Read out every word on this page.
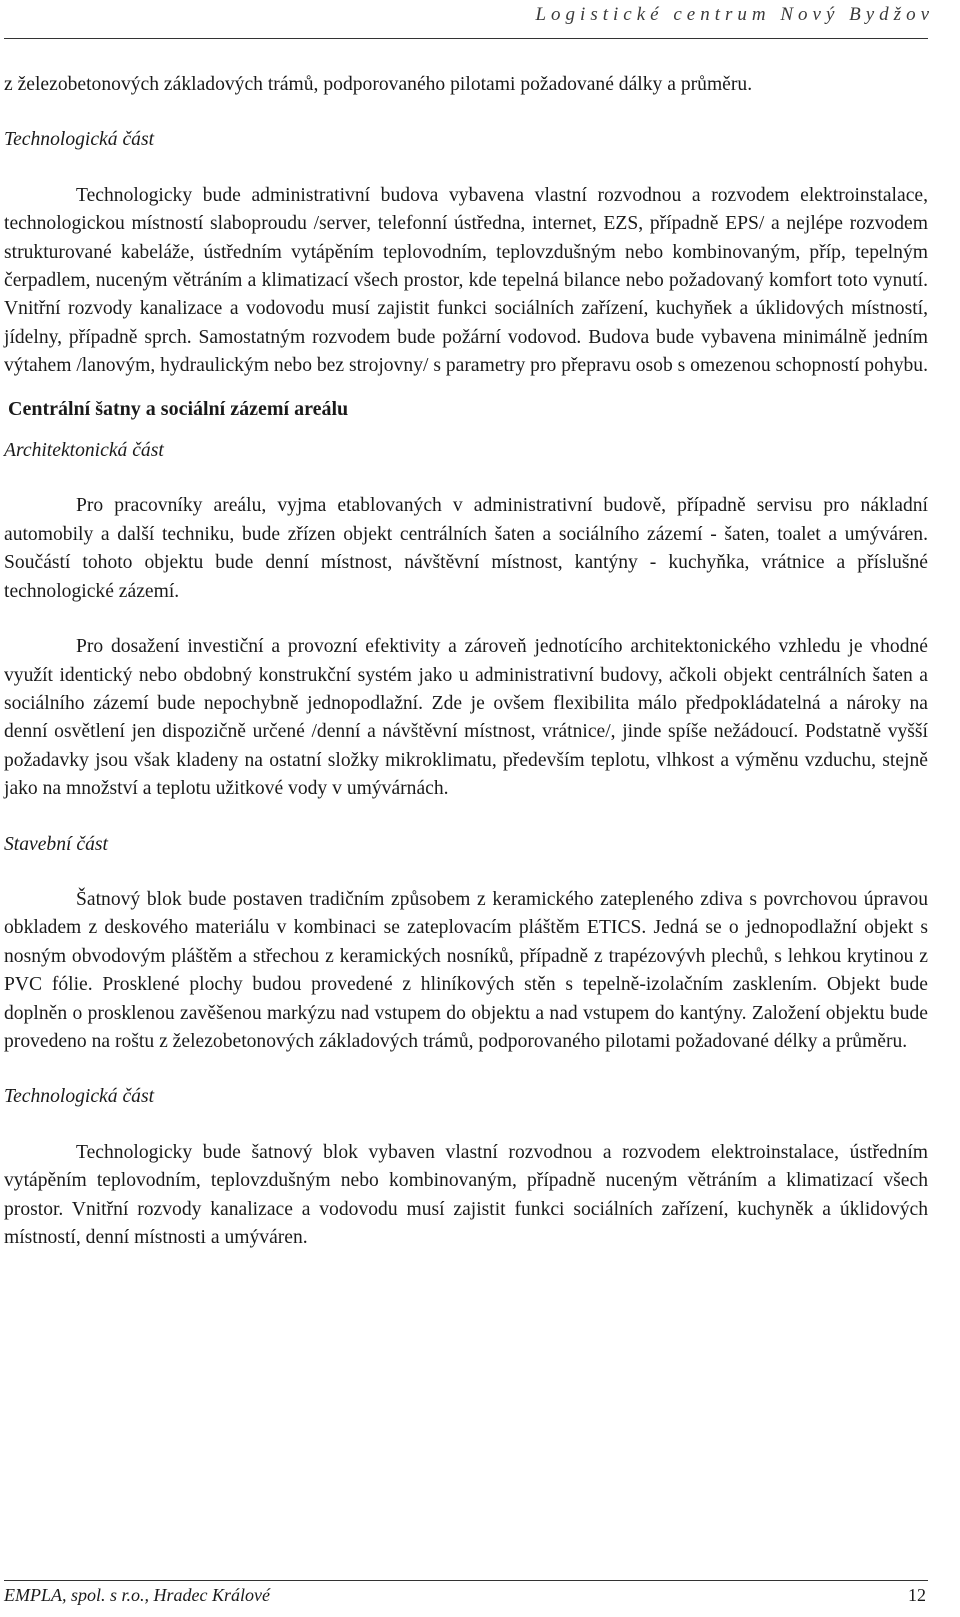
Logistické centrum Nový Bydžov

z železobetonových základových trámů, podporovaného pilotami požadované dálky a průměru.

Technologická část

Technologicky bude administrativní budova vybavena vlastní rozvodnou a rozvodem elektroinstalace, technologickou místností slaboproudu /server, telefonní ústředna, internet, EZS, případně EPS/ a nejlépe rozvodem strukturované kabeláže, ústředním vytápěním teplovodním, teplovzdušným nebo kombinovaným, příp, tepelným čerpadlem, nuceným větráním a klimatizací všech prostor, kde tepelná bilance nebo požadovaný komfort toto vynutí. Vnitřní rozvody kanalizace a vodovodu musí zajistit funkci sociálních zařízení, kuchyňek a úklidových místností, jídelny, případně sprch. Samostatným rozvodem bude požární vodovod. Budova bude vybavena minimálně jedním výtahem /lanovým, hydraulickým nebo bez strojovny/ s parametry pro přepravu osob s omezenou schopností pohybu.

Centrální šatny a sociální zázemí areálu

Architektonická část

Pro pracovníky areálu, vyjma etablovaných v administrativní budově, případně servisu pro nákladní automobily a další techniku, bude zřízen objekt centrálních šaten a sociálního zázemí - šaten, toalet a umýváren. Součástí tohoto objektu bude denní místnost, návštěvní místnost, kantýny - kuchyňka, vrátnice a příslušné technologické zázemí.

Pro dosažení investiční a provozní efektivity a zároveň jednotícího architektonického vzhledu je vhodné využít identický nebo obdobný konstrukční systém jako u administrativní budovy, ačkoli objekt centrálních šaten a sociálního zázemí bude nepochybně jednopodlažní. Zde je ovšem flexibilita málo předpokládatelná a nároky na denní osvětlení jen dispozičně určené /denní a návštěvní místnost, vrátnice/, jinde spíše nežádoucí. Podstatně vyšší požadavky jsou však kladeny na ostatní složky mikroklimatu, především teplotu, vlhkost a výměnu vzduchu, stejně jako na množství a teplotu užitkové vody v umývárnách.

Stavební část

Šatnový blok bude postaven tradičním způsobem z keramického zatepleného zdiva s povrchovou úpravou obkladem z deskového materiálu v kombinaci se zateplovacím pláštěm ETICS. Jedná se o jednopodlažní objekt s nosným obvodovým pláštěm a střechou z keramických nosníků, případně z trapézovývh plechů, s lehkou krytinou z PVC fólie. Prosklené plochy budou provedené z hliníkových stěn s tepelně-izolačním zasklením. Objekt bude doplněn o prosklenou zavěšenou markýzu nad vstupem do objektu a nad vstupem do kantýny. Založení objektu bude provedeno na roštu z železobetonových základových trámů, podporovaného pilotami požadované délky a průměru.

Technologická část

Technologicky bude šatnový blok vybaven vlastní rozvodnou a rozvodem elektroinstalace, ústředním vytápěním teplovodním, teplovzdušným nebo kombinovaným, případně nuceným větráním a klimatizací všech prostor. Vnitřní rozvody kanalizace a vodovodu musí zajistit funkci sociálních zařízení, kuchyněk a úklidových místností, denní místnosti a umýváren.

EMPLA, spol. s r.o., Hradec Králové	12
